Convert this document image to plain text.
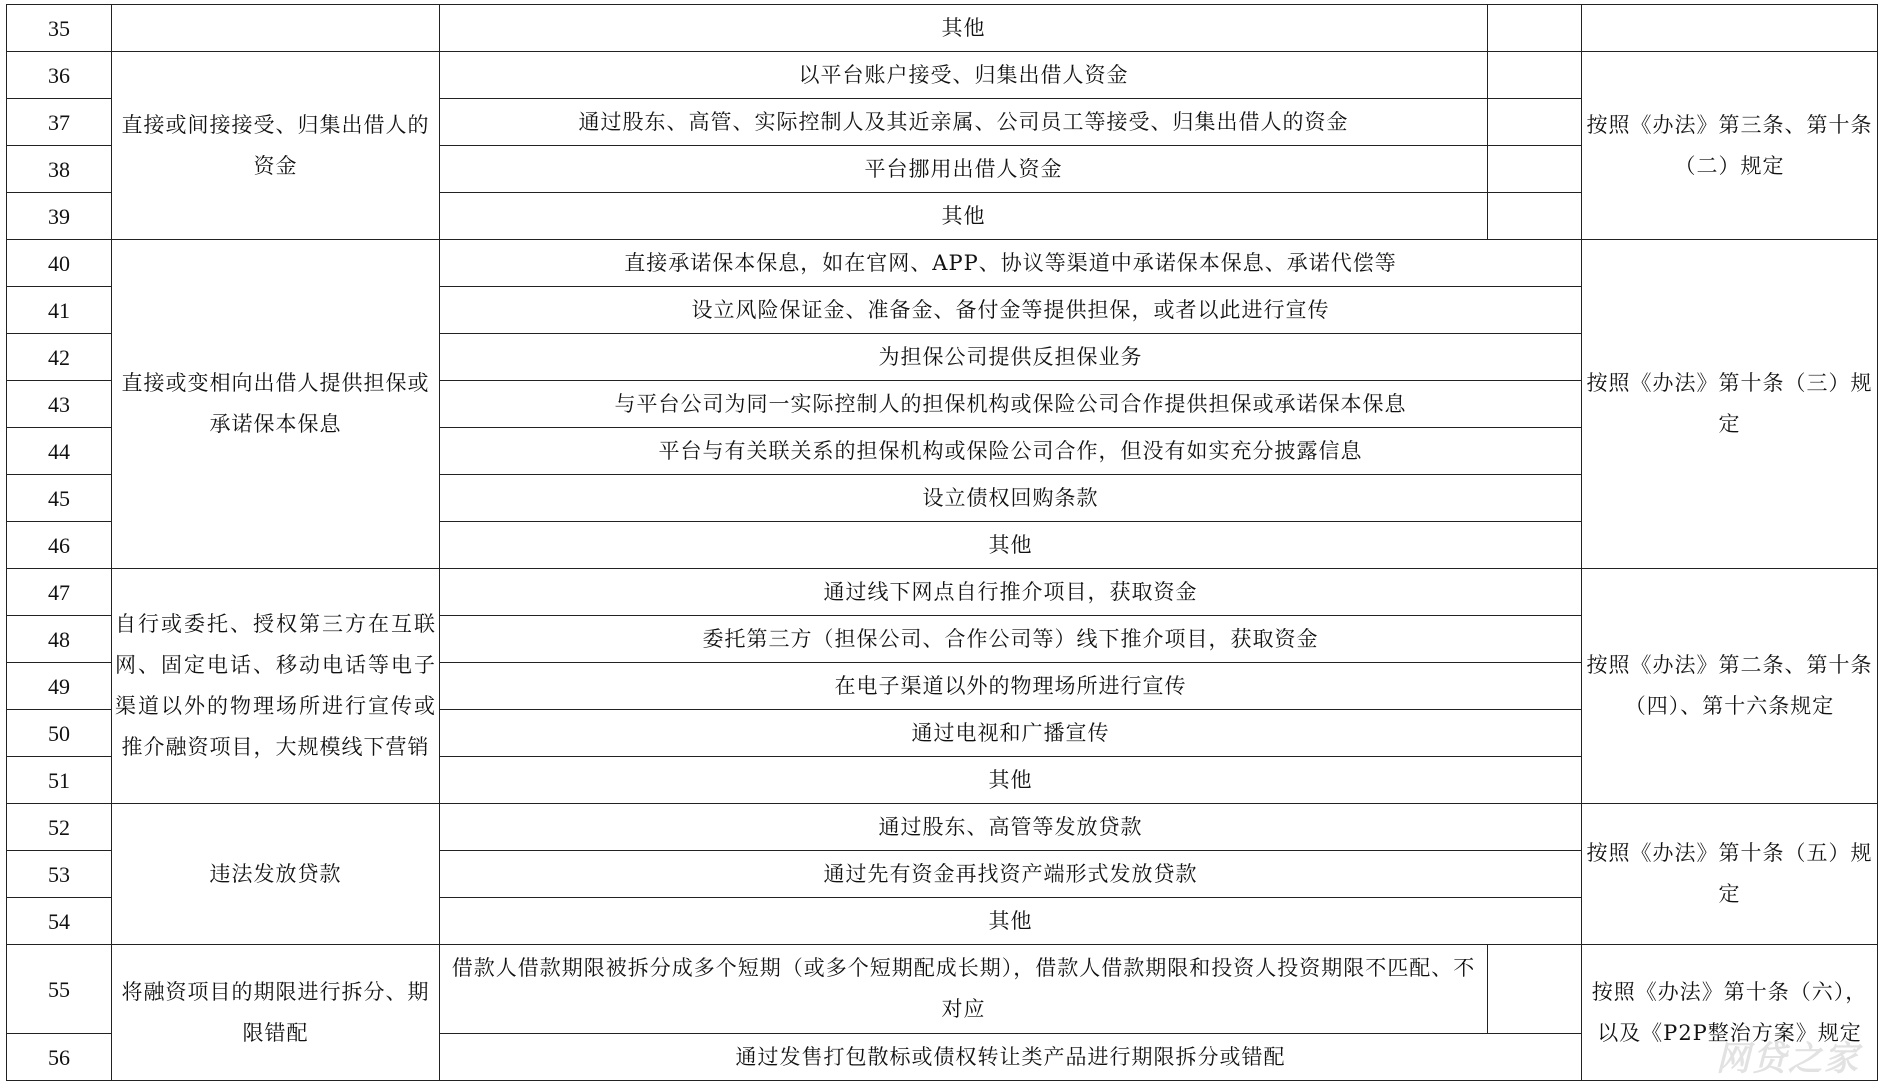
35		其他		
36	直接或间接接受、归集出借人的资金	以平台账户接受、归集出借人资金		按照《办法》第三条、第十条（二）规定
37		通过股东、高管、实际控制人及其近亲属、公司员工等接受、归集出借人的资金		
38		平台挪用出借人资金		
39		其他		
40	直接或变相向出借人提供担保或承诺保本保息	直接承诺保本保息，如在官网、APP、协议等渠道中承诺保本保息、承诺代偿等		按照《办法》第十条（三）规定
41		设立风险保证金、准备金、备付金等提供担保，或者以此进行宣传		
42		为担保公司提供反担保业务		
43		与平台公司为同一实际控制人的担保机构或保险公司合作提供担保或承诺保本保息		
44		平台与有关联关系的担保机构或保险公司合作，但没有如实充分披露信息		
45		设立债权回购条款		
46		其他		
47	自行或委托、授权第三方在互联网、固定电话、移动电话等电子渠道以外的物理场所进行宣传或推介融资项目，大规模线下营销	通过线下网点自行推介项目，获取资金		按照《办法》第二条、第十条（四）、第十六条规定
48		委托第三方（担保公司、合作公司等）线下推介项目，获取资金		
49		在电子渠道以外的物理场所进行宣传		
50		通过电视和广播宣传		
51		其他		
52	违法发放贷款	通过股东、高管等发放贷款		按照《办法》第十条（五）规定
53		通过先有资金再找资产端形式发放贷款		
54		其他		
55	将融资项目的期限进行拆分、期限错配	借款人借款期限被拆分成多个短期（或多个短期配成长期），借款人借款期限和投资人投资期限不匹配、不对应		按照《办法》第十条（六），以及《P2P整治方案》规定
56		通过发售打包散标或债权转让类产品进行期限拆分或错配			网贷之家
